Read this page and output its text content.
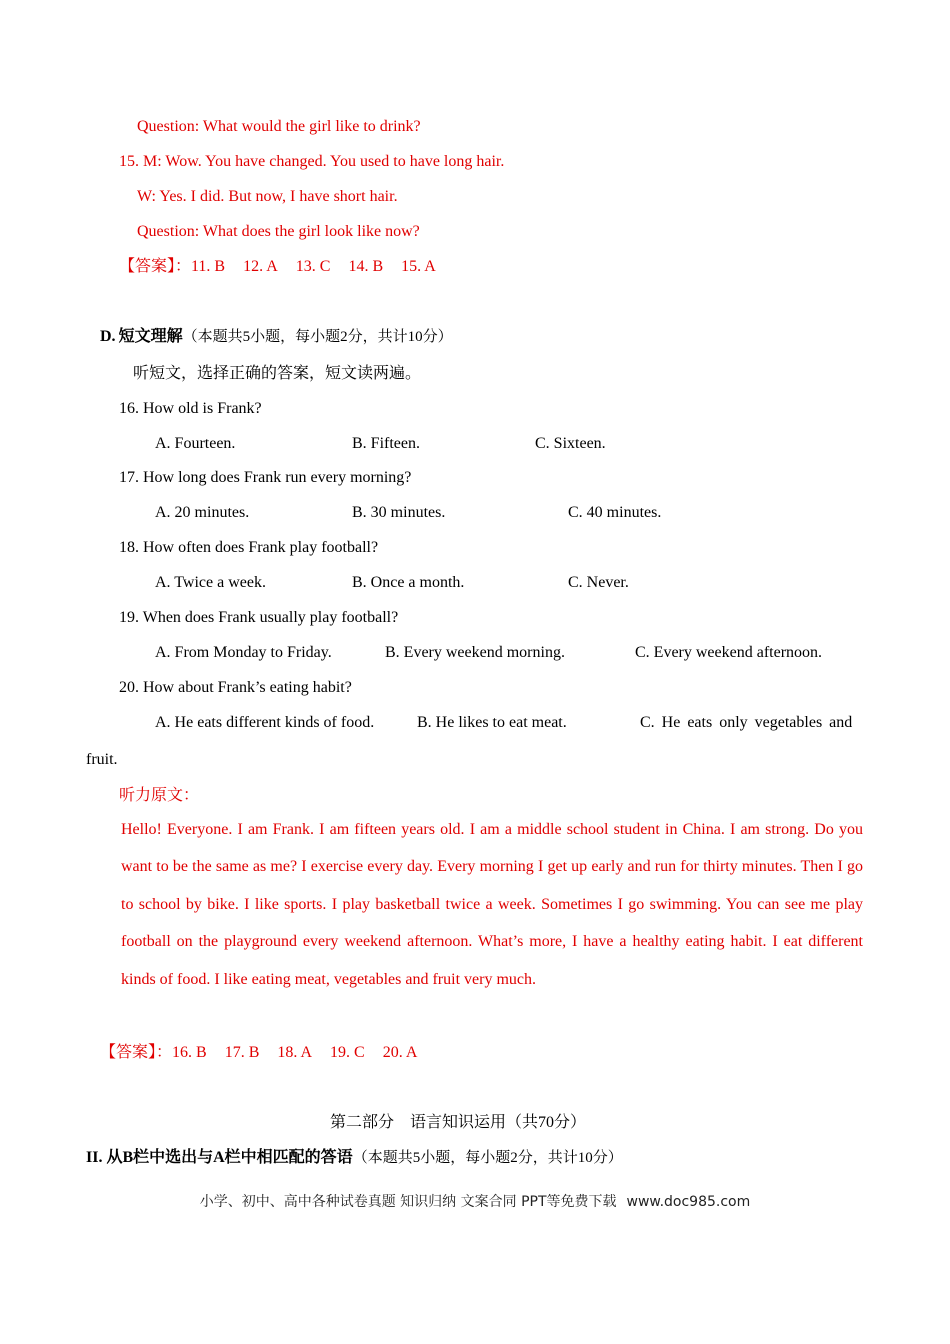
Question: What would the girl like to drink?
15. M: Wow. You have changed. You used to have long hair.
W: Yes. I did. But now, I have short hair.
Question: What does the girl look like now?
【答案】：11. B 12. A 13. C 14. B 15. A
D. 短文理解（本题共5小题，每小题2分，共计10分）
听短文，选择正确的答案，短文读两遍。
16. How old is Frank?
A. Fourteen.	B. Fifteen.	C. Sixteen.
17. How long does Frank run every morning?
A. 20 minutes.	B. 30 minutes.	C. 40 minutes.
18. How often does Frank play football?
A. Twice a week.	B. Once a month.	C. Never.
19. When does Frank usually play football?
A. From Monday to Friday.	B. Every weekend morning.	C. Every weekend afternoon.
20. How about Frank’s eating habit?
A. He eats different kinds of food.	B. He likes to eat meat.	C. He eats only vegetables and
fruit.
听力原文：
Hello! Everyone. I am Frank. I am fifteen years old. I am a middle school student in China. I am strong. Do you want to be the same as me? I exercise every day. Every morning I get up early and run for thirty minutes. Then I go to school by bike. I like sports. I play basketball twice a week. Sometimes I go swimming. You can see me play football on the playground every weekend afternoon. What’s more, I have a healthy eating habit. I eat different kinds of food. I like eating meat, vegetables and fruit very much.
【答案】：16. B 17. B 18. A 19. C 20. A
第二部分 语言知识运用（共70分）
II. 从B栏中选出与A栏中相匹配的答语（本题共5小题，每小题2分，共计10分）
小学、初中、高中各种试卷真题 知识归纳 文案合同 PPT等免费下载 www.doc985.com
